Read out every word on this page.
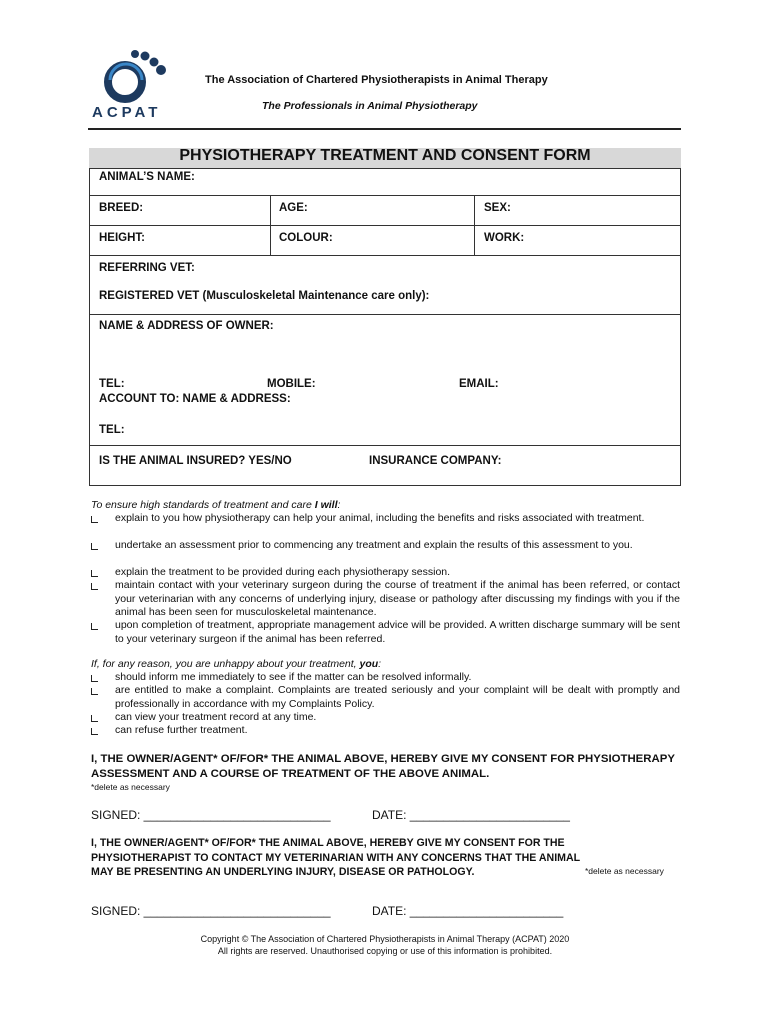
ACPAT
The Association of Chartered Physiotherapists in Animal Therapy
The Professionals in Animal Physiotherapy
PHYSIOTHERAPY TREATMENT AND CONSENT FORM
ANIMAL’S NAME:
BREED:	AGE:	SEX:
HEIGHT:	COLOUR:	WORK:
REFERRING VET:
REGISTERED VET (Musculoskeletal Maintenance care only):
NAME & ADDRESS OF OWNER:
TEL:	MOBILE:	EMAIL:
ACCOUNT TO: NAME & ADDRESS:
TEL:
IS THE ANIMAL INSURED? YES/NO	INSURANCE COMPANY:
To ensure high standards of treatment and care I will:
explain to you how physiotherapy can help your animal, including the benefits and risks associated with treatment.
undertake an assessment prior to commencing any treatment and explain the results of this assessment to you.
explain the treatment to be provided during each physiotherapy session.
maintain contact with your veterinary surgeon during the course of treatment if the animal has been referred, or contact your veterinarian with any concerns of underlying injury, disease or pathology after discussing my findings with you if the animal has been seen for musculoskeletal maintenance.
upon completion of treatment, appropriate management advice will be provided. A written discharge summary will be sent to your veterinary surgeon if the animal has been referred.
If, for any reason, you are unhappy about your treatment, you:
should inform me immediately to see if the matter can be resolved informally.
are entitled to make a complaint. Complaints are treated seriously and your complaint will be dealt with promptly and professionally in accordance with my Complaints Policy.
can view your treatment record at any time.
can refuse further treatment.
I, THE OWNER/AGENT* OF/FOR* THE ANIMAL ABOVE, HEREBY GIVE MY CONSENT FOR PHYSIOTHERAPY ASSESSMENT AND A COURSE OF TREATMENT OF THE ABOVE ANIMAL.
*delete as necessary
SIGNED: ____________________________	DATE: ________________________
I, THE OWNER/AGENT* OF/FOR* THE ANIMAL ABOVE, HEREBY GIVE MY CONSENT FOR THE PHYSIOTHERAPIST TO CONTACT MY VETERINARIAN WITH ANY CONCERNS THAT THE ANIMAL MAY BE PRESENTING AN UNDERLYING INJURY, DISEASE OR PATHOLOGY.	*delete as necessary
SIGNED: ____________________________	DATE: _______________________
Copyright © The Association of Chartered Physiotherapists in Animal Therapy (ACPAT) 2020
All rights are reserved. Unauthorised copying or use of this information is prohibited.
